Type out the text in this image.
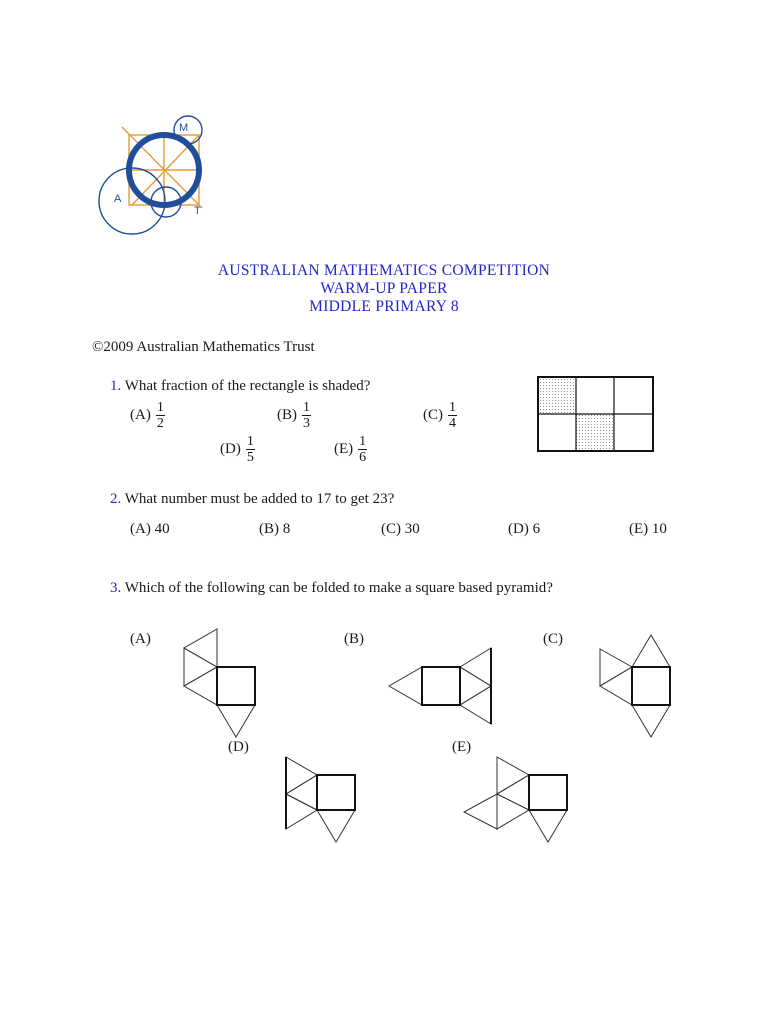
M
A
T
AUSTRALIAN MATHEMATICS COMPETITION
WARM-UP PAPER
MIDDLE PRIMARY 8
©2009 Australian Mathematics Trust
1. What fraction of the rectangle is shaded?
$(A) \frac{1}{2}$	$(B) \frac{1}{3}$	$(C) \frac{1}{4}$
$(D) \frac{1}{5}$	$(E) \frac{1}{6}$
2. What number must be added to 17 to get 23?
(A) 40	(B) 8	(C) 30	(D) 6	(E) 10
3. Which of the following can be folded to make a square based pyramid?
(A)	(B)	(C)
(D)	(E)
